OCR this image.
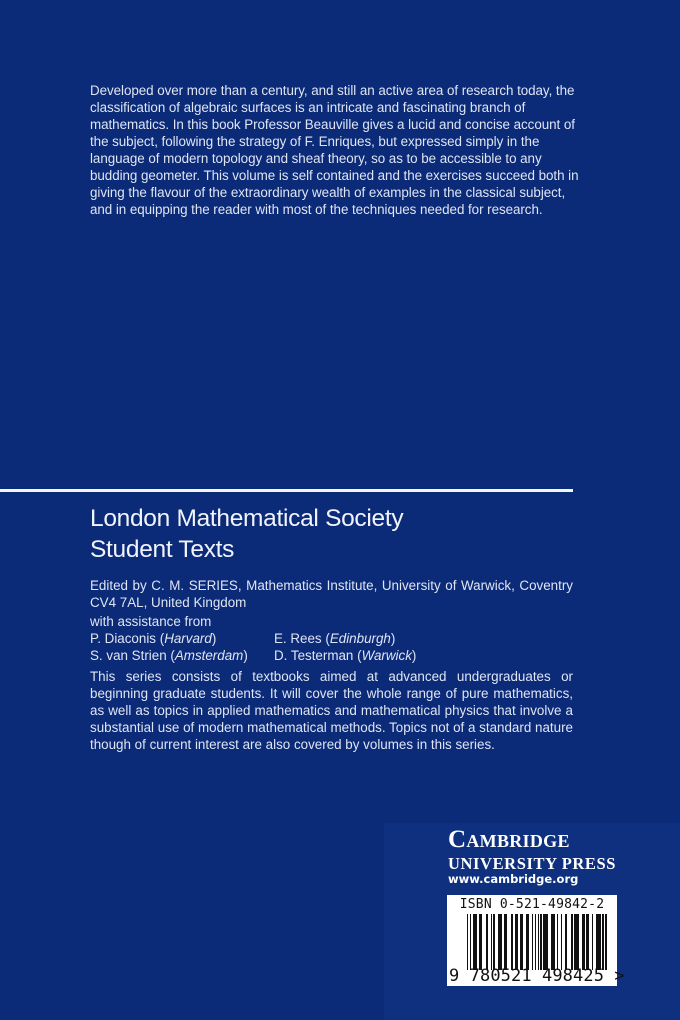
Developed over more than a century, and still an active area of research today, the classification of algebraic surfaces is an intricate and fascinating branch of mathematics. In this book Professor Beauville gives a lucid and concise account of the subject, following the strategy of F. Enriques, but expressed simply in the language of modern topology and sheaf theory, so as to be accessible to any budding geometer. This volume is self contained and the exercises succeed both in giving the flavour of the extraordinary wealth of examples in the classical subject, and in equipping the reader with most of the techniques needed for research.
London Mathematical Society
Student Texts
Edited by C. M. SERIES, Mathematics Institute, University of Warwick, Coventry CV4 7AL, United Kingdom
with assistance from
P. Diaconis (Harvard)	E. Rees (Edinburgh)
S. van Strien (Amsterdam)	D. Testerman (Warwick)
This series consists of textbooks aimed at advanced undergraduates or beginning graduate students. It will cover the whole range of pure mathematics, as well as topics in applied mathematics and mathematical physics that involve a substantial use of modern mathematical methods. Topics not of a standard nature though of current interest are also covered by volumes in this series.
Cambridge
UNIVERSITY PRESS
www.cambridge.org
ISBN 0-521-49842-2
9 780521 498425 >
